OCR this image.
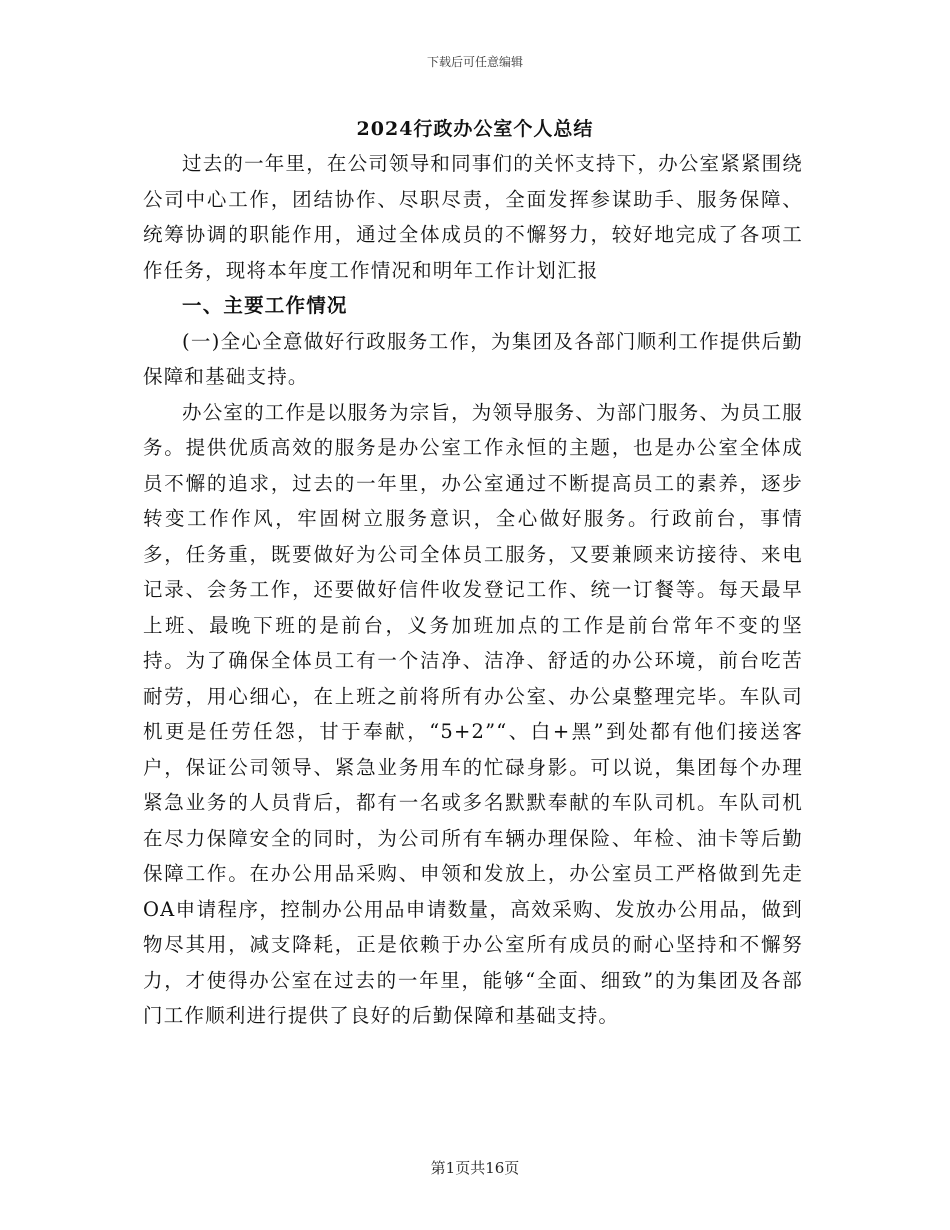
下载后可任意编辑
2024行政办公室个人总结

过去的一年里，在公司领导和同事们的关怀支持下，办公室紧紧围绕公司中心工作，团结协作、尽职尽责，全面发挥参谋助手、服务保障、统筹协调的职能作用，通过全体成员的不懈努力，较好地完成了各项工作任务，现将本年度工作情况和明年工作计划汇报

一、主要工作情况

(一)全心全意做好行政服务工作，为集团及各部门顺利工作提供后勤保障和基础支持。

办公室的工作是以服务为宗旨，为领导服务、为部门服务、为员工服务。提供优质高效的服务是办公室工作永恒的主题，也是办公室全体成员不懈的追求，过去的一年里，办公室通过不断提高员工的素养，逐步转变工作作风，牢固树立服务意识，全心做好服务。行政前台，事情多，任务重，既要做好为公司全体员工服务，又要兼顾来访接待、来电记录、会务工作，还要做好信件收发登记工作、统一订餐等。每天最早上班、最晚下班的是前台，义务加班加点的工作是前台常年不变的坚持。为了确保全体员工有一个洁净、洁净、舒适的办公环境，前台吃苦耐劳，用心细心，在上班之前将所有办公室、办公桌整理完毕。车队司机更是任劳任怨，甘于奉献，“5+2”“、白+黑”到处都有他们接送客户，保证公司领导、紧急业务用车的忙碌身影。可以说，集团每个办理紧急业务的人员背后，都有一名或多名默默奉献的车队司机。车队司机在尽力保障安全的同时，为公司所有车辆办理保险、年检、油卡等后勤保障工作。在办公用品采购、申领和发放上，办公室员工严格做到先走OA申请程序，控制办公用品申请数量，高效采购、发放办公用品，做到物尽其用，减支降耗，正是依赖于办公室所有成员的耐心坚持和不懈努力，才使得办公室在过去的一年里，能够“全面、细致”的为集团及各部门工作顺利进行提供了良好的后勤保障和基础支持。

第1页共16页
